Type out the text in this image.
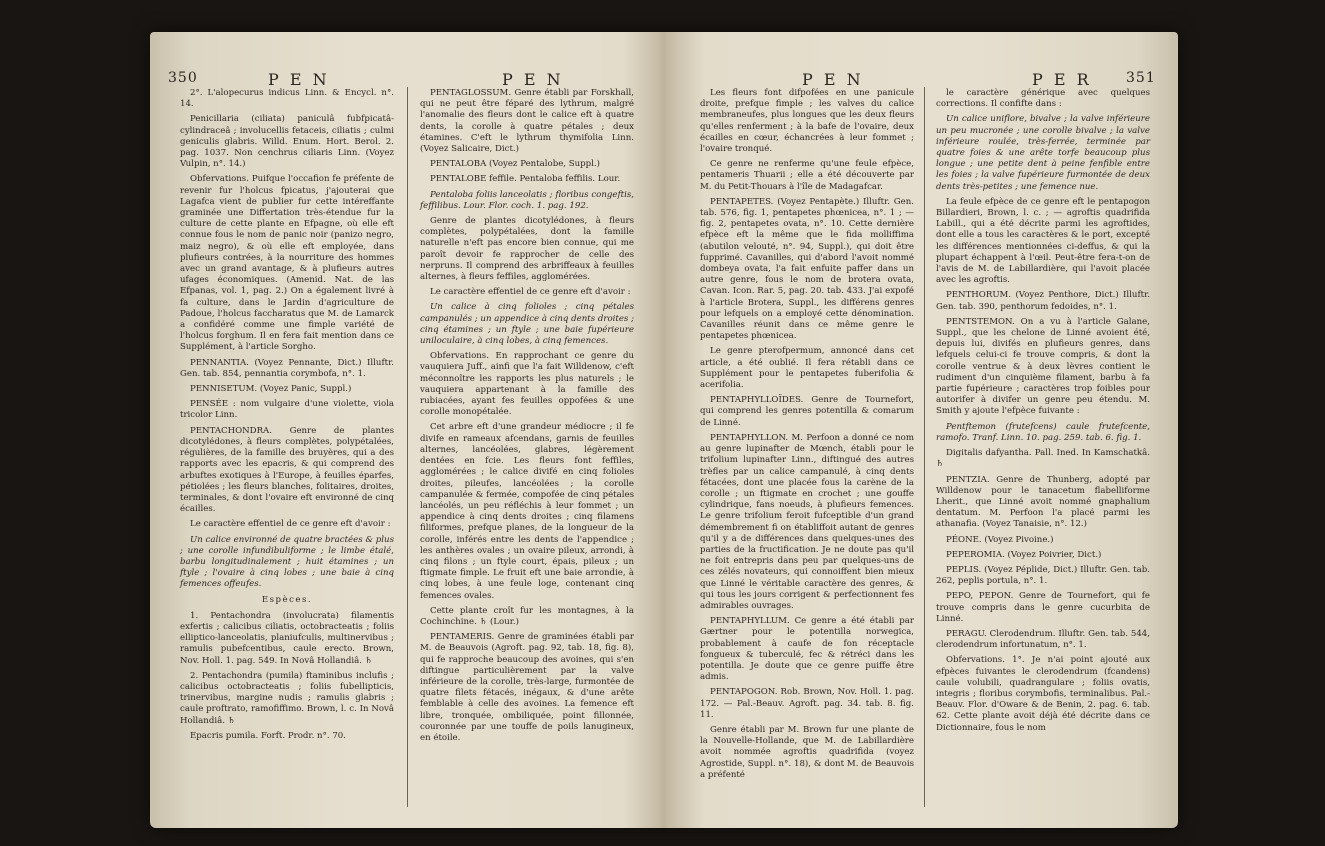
350	P E N	P E N

2°. L'alopecurus indicus Linn. & Encycl. n°. 14.

Penicillaria (ciliata) paniculâ fubfpicatâ-cylindraceâ ; involucellis fetaceis, ciliatis ; culmi geniculis glabris. Willd. Enum. Hort. Berol. 2. pag. 1037. Non cenchrus ciliaris Linn. (Voyez Vulpin, n°. 14.)

Obfervations. Puifque l'occafion fe préfente de revenir fur l'holcus fpicatus, j'ajouterai que Lagafca vient de publier fur cette intéreffante graminée une Differtation très-étendue fur la culture de cette plante en Efpagne, où elle eft connue fous le nom de panic noir (panizo negro, maiz negro), & où elle eft employée, dans plufieurs contrées, à la nourriture des hommes avec un grand avantage, & à plufieurs autres ufages économiques. (Amenid. Nat. de las Efpanas, vol. 1, pag. 2.) On a également livré à fa culture, dans le Jardin d'agriculture de Padoue, l'holcus faccharatus que M. de Lamarck a confidéré comme une fimple variété de l'holcus forghum. Il en fera fait mention dans ce Supplément, à l'article Sorgho.

PENNANTIA. (Voyez Pennante, Dict.) Illuftr. Gen. tab. 854, pennantia corymbofa, n°. 1.

PENNISETUM. (Voyez Panic, Suppl.)

PENSÉE : nom vulgaire d'une violette, viola tricolor Linn.

PENTACHONDRA. Genre de plantes dicotylédones, à fleurs complètes, polypétalées, régulières, de la famille des bruyères, qui a des rapports avec les epacris, & qui comprend des arbuftes exotiques à l'Europe, à feuilles éparfes, pétiolées ; les fleurs blanches, folitaires, droites, terminales, & dont l'ovaire eft environné de cinq écailles.

Le caractère effentiel de ce genre eft d'avoir :

Un calice environné de quatre bractées & plus ; une corolle infundibuliforme ; le limbe étalé, barbu longitudinalement ; huit étamines ; un ftyle ; l'ovaire à cinq lobes ; une baie à cinq femences offeufes.

Espèces.

1. Pentachondra (involucrata) filamentis exfertis ; calicibus ciliatis, octobracteatis ; foliis elliptico-lanceolatis, planiufculis, multinervibus ; ramulis pubefcentibus, caule erecto. Brown, Nov. Holl. 1. pag. 549. In Novâ Hollandiâ. ♄

2. Pentachondra (pumila) ftaminibus inclufis ; calicibus octobracteatis ; foliis fubellipticis, trinervibus, margine nudis ; ramulis glabris ; caule proftrato, ramofiffimo. Brown, l. c. In Novâ Hollandiâ. ♄

Epacris pumila. Forft. Prodr. n°. 70.

PENTAGLOSSUM. Genre établi par Forskhall, qui ne peut être féparé des lythrum, malgré l'anomalie des fleurs dont le calice eft à quatre dents, la corolle à quatre pétales ; deux étamines. C'eft le lythrum thymifolia Linn. (Voyez Salicaire, Dict.)

PENTALOBA (Voyez Pentalobe, Suppl.)

PENTALOBE feffile. Pentaloba feffilis. Lour.

Pentaloba foliis lanceolatis ; floribus congeftis, feffilibus. Lour. Flor. coch. 1. pag. 192.

Genre de plantes dicotylédones, à fleurs complètes, polypétalées, dont la famille naturelle n'eft pas encore bien connue, qui me paroît devoir fe rapprocher de celle des nerpruns. Il comprend des arbriffeaux à feuilles alternes, à fleurs feffiles, agglomérées.

Le caractère effentiel de ce genre eft d'avoir :

Un calice à cinq folioles ; cinq pétales campanulés ; un appendice à cinq dents droites ; cinq étamines ; un ftyle ; une baie fupérieure uniloculaire, à cinq lobes, à cinq femences.

Obfervations. En rapprochant ce genre du vauquiera Juff., ainfi que l'a fait Willdenow, c'eft méconnoître les rapports les plus naturels ; le vauquiera appartenant à la famille des rubiacées, ayant fes feuilles oppofées & une corolle monopétalée.

Cet arbre eft d'une grandeur médiocre ; il fe divife en rameaux afcendans, garnis de feuilles alternes, lancéolées, glabres, légèrement dentées en fcie. Les fleurs font feffiles, agglomérées ; le calice divifé en cinq folioles droites, pileufes, lancéolées ; la corolle campanulée & fermée, compofée de cinq pétales lancéolés, un peu réfléchis à leur fommet ; un appendice à cinq dents droites ; cinq filamens filiformes, prefque planes, de la longueur de la corolle, inférés entre les dents de l'appendice ; les anthères ovales ; un ovaire pileux, arrondi, à cinq filons ; un ftyle court, épais, pileux ; un ftigmate fimple. Le fruit eft une baie arrondie, à cinq lobes, à une feule loge, contenant cinq femences ovales.

Cette plante croît fur les montagnes, à la Cochinchine. ♄ (Lour.)

PENTAMERIS. Genre de graminées établi par M. de Beauvois (Agroft. pag. 92, tab. 18, fig. 8), qui fe rapproche beaucoup des avoines, qui s'en diftingue particulièrement par la valve inférieure de la corolle, très-large, furmontée de quatre filets fétacés, inégaux, & d'une arête femblable à celle des avoines. La femence eft libre, tronquée, ombiliquée, point fillonnée, couronnée par une touffe de poils lanugineux, en étoile.

P E N	P E R 351

Les fleurs font difpofées en une panicule droite, prefque fimple ; les valves du calice membraneufes, plus longues que les deux fleurs qu'elles renferment ; à la bafe de l'ovaire, deux écailles en cœur, échancrées à leur fommet ; l'ovaire tronqué.

Ce genre ne renferme qu'une feule efpèce, pentameris Thuarii ; elle a été découverte par M. du Petit-Thouars à l'île de Madagafcar.

PENTAPETES. (Voyez Pentapète.) Illuftr. Gen. tab. 576, fig. 1, pentapetes phœnicea, n°. 1 ; — fig. 2, pentapetes ovata, n°. 10. Cette dernière efpèce eft la même que le fida molliffima (abutilon velouté, n°. 94, Suppl.), qui doit être fupprimé. Cavanilles, qui d'abord l'avoit nommé dombeya ovata, l'a fait enfuite paffer dans un autre genre, fous le nom de brotera ovata, Cavan. Icon. Rar. 5, pag. 20. tab. 433. J'ai expofé à l'article Brotera, Suppl., les différens genres pour lefquels on a employé cette dénomination. Cavanilles réunit dans ce même genre le pentapetes phœnicea.

Le genre pterofpermum, annoncé dans cet article, a été oublié. Il fera rétabli dans ce Supplément pour le pentapetes fuberifolia & acerifolia.

PENTAPHYLLOÏDES. Genre de Tournefort, qui comprend les genres potentilla & comarum de Linné.

PENTAPHYLLON. M. Perfoon a donné ce nom au genre lupinafter de Mœnch, établi pour le trifolium lupinafter Linn., diftingué des autres trèfles par un calice campanulé, à cinq dents fétacées, dont une placée fous la carène de la corolle ; un ftigmate en crochet ; une gouffe cylindrique, fans noeuds, à plufieurs femences. Le genre trifolium feroit fufceptible d'un grand démembrement fi on établiffoit autant de genres qu'il y a de différences dans quelques-unes des parties de la fructification. Je ne doute pas qu'il ne foit entrepris dans peu par quelques-uns de ces zélés novateurs, qui connoiffent bien mieux que Linné le véritable caractère des genres, & qui tous les jours corrigent & perfectionnent fes admirables ouvrages.

PENTAPHYLLUM. Ce genre a été établi par Gærtner pour le potentilla norwegica, probablement à caufe de fon réceptacle fongueux & tuberculé, fec & rétréci dans les potentilla. Je doute que ce genre puiffe être admis.

PENTAPOGON. Rob. Brown, Nov. Holl. 1. pag. 172. — Pal.-Beauv. Agroft. pag. 34. tab. 8. fig. 11.

Genre établi par M. Brown fur une plante de la Nouvelle-Hollande, que M. de Labillardière avoit nommée agroftis quadrifida (voyez Agrostide, Suppl. n°. 18), & dont M. de Beauvois a préfenté

le caractère générique avec quelques corrections. Il confifte dans :

Un calice uniflore, bivalve ; la valve inférieure un peu mucronée ; une corolle bivalve ; la valve inférieure roulée, très-ferrée, terminée par quatre foies & une arête torfe beaucoup plus longue ; une petite dent à peine fenfible entre les foies ; la valve fupérieure furmontée de deux dents très-petites ; une femence nue.

La feule efpèce de ce genre eft le pentapogon Billardieri, Brown, l. c. ; — agroftis quadrifida Labill., qui a été décrite parmi les agroftides, dont elle a tous les caractères & le port, excepté les différences mentionnées ci-deffus, & qui la plupart échappent à l'œil. Peut-être fera-t-on de l'avis de M. de Labillardière, qui l'avoit placée avec les agroftis.

PENTHORUM. (Voyez Penthore, Dict.) Illuftr. Gen. tab. 390, penthorum fedoides, n°. 1.

PENTSTEMON. On a vu à l'article Galane, Suppl., que les chelone de Linné avoient été, depuis lui, divifés en plufieurs genres, dans lefquels celui-ci fe trouve compris, & dont la corolle ventrue & à deux lèvres contient le rudiment d'un cinquième filament, barbu à fa partie fupérieure ; caractères trop foibles pour autorifer à divifer un genre peu étendu. M. Smith y ajoute l'efpèce fuivante :

Pentftemon (frutefcens) caule frutefcente, ramofo. Tranf. Linn. 10. pag. 259. tab. 6. fig. 1.

Digitalis dafyantha. Pall. Ined. In Kamschatkâ. ♄

PENTZIA. Genre de Thunberg, adopté par Willdenow pour le tanacetum flabelliforme Lherit., que Linné avoit nommé gnaphalium dentatum. M. Perfoon l'a placé parmi les athanafia. (Voyez Tanaisie, n°. 12.)

PÉONE. (Voyez Pivoine.)

PEPEROMIA. (Voyez Poivrier, Dict.)

PEPLIS. (Voyez Péplide, Dict.) Illuftr. Gen. tab. 262, peplis portula, n°. 1.

PEPO, PEPON. Genre de Tournefort, qui fe trouve compris dans le genre cucurbita de Linné.

PERAGU. Clerodendrum. Illuftr. Gen. tab. 544, clerodendrum infortunatum, n°. 1.

Obfervations. 1°. Je n'ai point ajouté aux efpèces fuivantes le clerodendrum (fcandens) caule volubili, quadrangulare ; foliis ovatis, integris ; floribus corymbofis, terminalibus. Pal.-Beauv. Flor. d'Oware & de Benin, 2. pag. 6. tab. 62. Cette plante avoit déjà été décrite dans ce Dictionnaire, fous le nom
